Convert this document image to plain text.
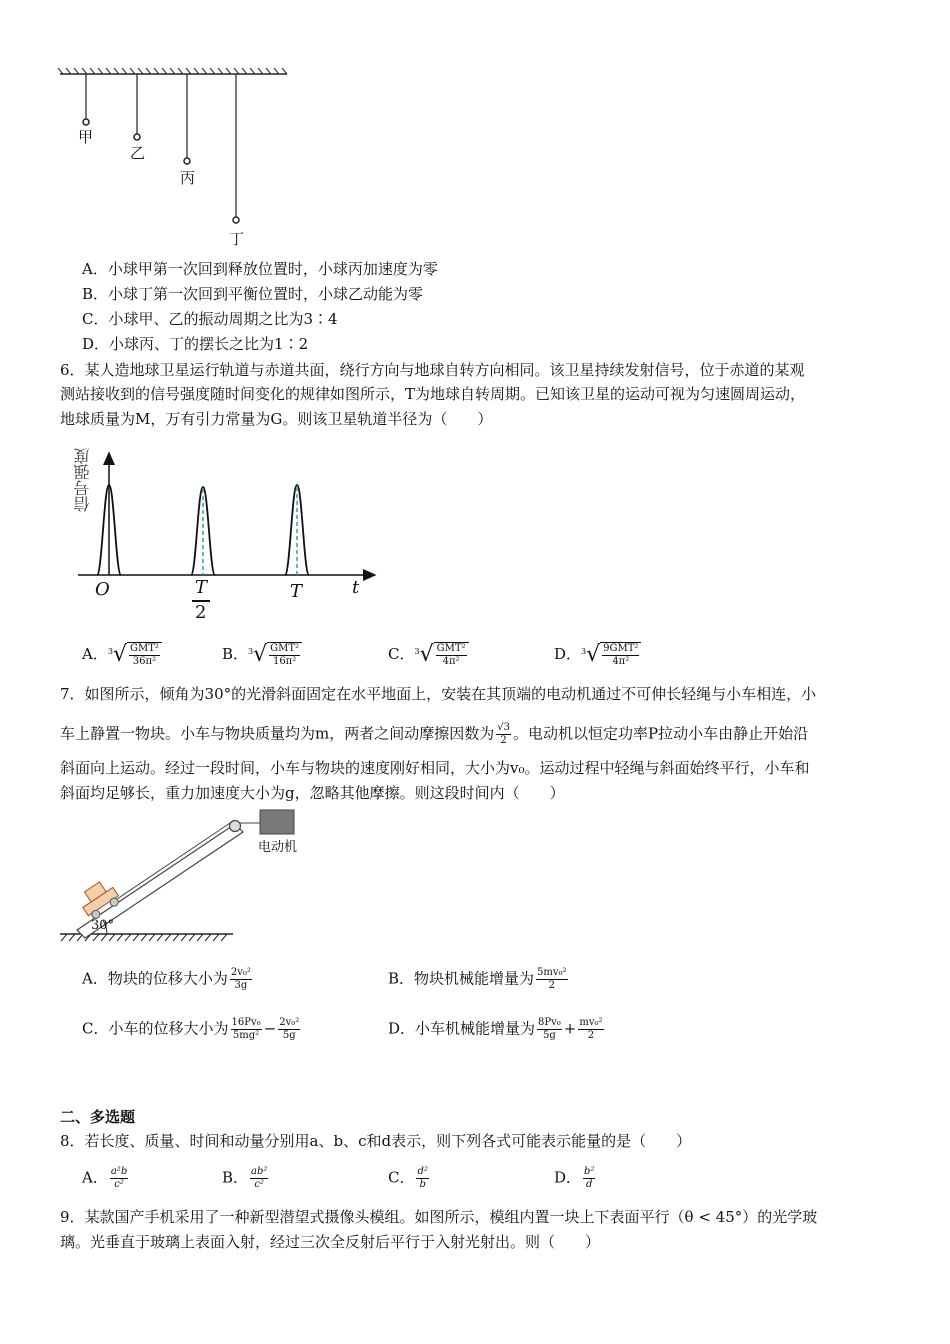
甲
乙
丙
丁
A．小球甲第一次回到释放位置时，小球丙加速度为零
B．小球丁第一次回到平衡位置时，小球乙动能为零
C．小球甲、乙的振动周期之比为3∶4
D．小球丙、丁的摆长之比为1∶2
6．某人造地球卫星运行轨道与赤道共面，绕行方向与地球自转方向相同。该卫星持续发射信号，位于赤道的某观
测站接收到的信号强度随时间变化的规律如图所示，T为地球自转周期。已知该卫星的运动可视为匀速圆周运动，
地球质量为M，万有引力常量为G。则该卫星轨道半径为（　　）
信号强度
O	T
2
T	t
A．$^3√ \frac{\text{GMT²}}{\text{36π²}}$	B．$^3√ \frac{\text{GMT²}}{\text{16π²}}$	C．$^3√ \frac{\text{GMT²}}{\text{4π²}}$	D．$^3√ \frac{\text{9GMT²}}{\text{4π²}}$
7．如图所示，倾角为30°的光滑斜面固定在水平地面上，安装在其顶端的电动机通过不可伸长轻绳与小车相连，小
车上静置一物块。小车与物块质量均为m，两者之间动摩擦因数为 $\frac{√3}{2}$ 。电动机以恒定功率P拉动小车由静止开始沿
斜面向上运动。经过一段时间，小车与物块的速度刚好相同，大小为v₀。运动过程中轻绳与斜面始终平行，小车和
斜面均足够长，重力加速度大小为g，忽略其他摩擦。则这段时间内（　　）
电动机
30°
A．物块的位移大小为 $\frac{\text{2v₀²}}{3g}$	B．物块机械能增量为 $\frac{\text{5mv₀²}}{2}$
C．小车的位移大小为 $\frac{\text{16Pv₀}}{\text{5mg²}} - \frac{\text{2v₀²}}{5g}$	D．小车机械能增量为 $\frac{\text{8Pv₀}}{5g} + \frac{\text{mv₀²}}{2}$
二、多选题
8．若长度、质量、时间和动量分别用a、b、c和d表示，则下列各式可能表示能量的是（　　）
A． $\frac{\text{a²b}}{\text{c²}}$	B． $\frac{\text{ab²}}{\text{c²}}$	C． $\frac{\text{d²}}{b}$	D． $\frac{\text{b²}}{d}$
9．某款国产手机采用了一种新型潜望式摄像头模组。如图所示，模组内置一块上下表面平行（θ < 45°）的光学玻
璃。光垂直于玻璃上表面入射，经过三次全反射后平行于入射光射出。则（　　）
